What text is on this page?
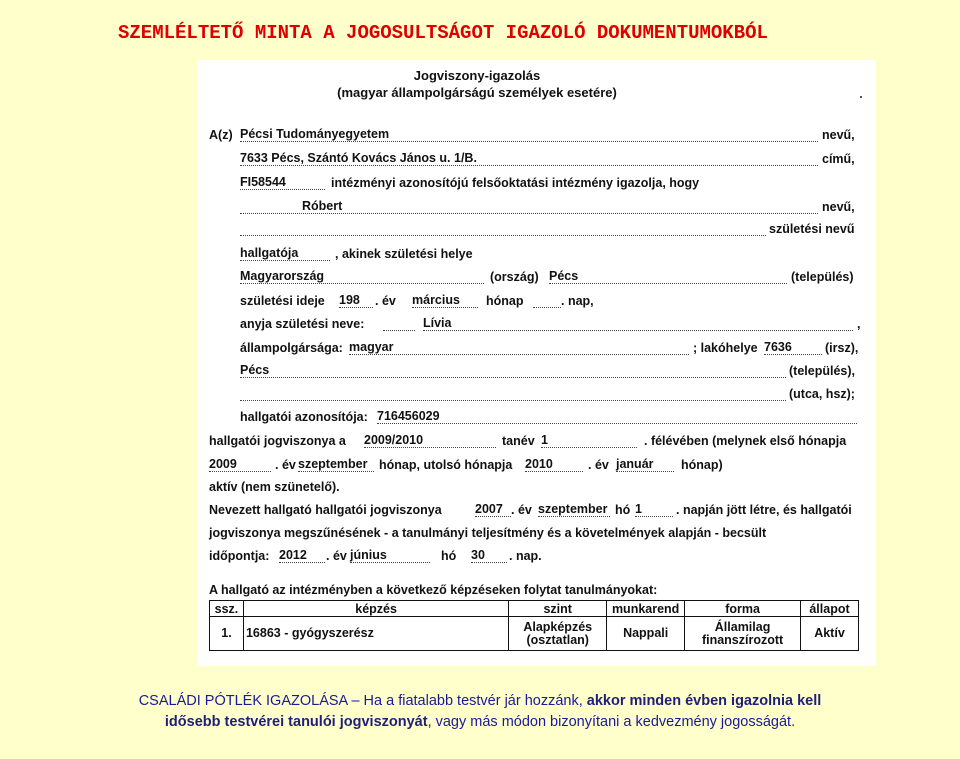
SZEMLÉLTETŐ MINTA A JOGOSULTSÁGOT IGAZOLÓ DOKUMENTUMOKBÓL
Jogviszony-igazolás
(magyar állampolgárságú személyek esetére)
A(z) Pécsi Tudományegyetem	nevű,
7633 Pécs, Szántó Kovács János u. 1/B.	című,
FI58544	intézményi azonosítójú felsőoktatási intézmény igazolja, hogy
Róbert	nevű,
születési nevű
hallgatója	, akinek születési helye
Magyarország	(ország) Pécs	(település)
születési ideje 198 . év március hónap	. nap,
anyja születési neve:	Lívia	,
állampolgársága: magyar	; lakóhelye 7636	(irsz),
Pécs	(település),
(utca, hsz);
hallgatói azonosítója: 716456029
hallgatói jogviszonya a 2009/2010	tanév 1	. félévében (melynek első hónapja
2009	. év szeptember hónap, utolsó hónapja 2010	. év január hónap)
aktív (nem szünetelő).
Nevezett hallgató hallgatói jogviszonya	2007 . év szeptember hó 1	. napján jött létre, és hallgatói
jogviszonya megszűnésének - a tanulmányi teljesítmény és a követelmények alapján - becsült
időpontja: 2012 . év június	hó 30 . nap.
A hallgató az intézményben a következő képzéseken folytat tanulmányokat:
ssz.	képzés	szint	munkarend	forma	állapot
1.	16863 - gyógyszerész	Alapképzés (osztatlan)	Nappali	Államilag finanszírozott	Aktív
CSALÁDI PÓTLÉK IGAZOLÁSA – Ha a fiatalabb testvér jár hozzánk, akkor minden évben igazolnia kell
idősebb testvérei tanulói jogviszonyát, vagy más módon bizonyítani a kedvezmény jogosságát.
